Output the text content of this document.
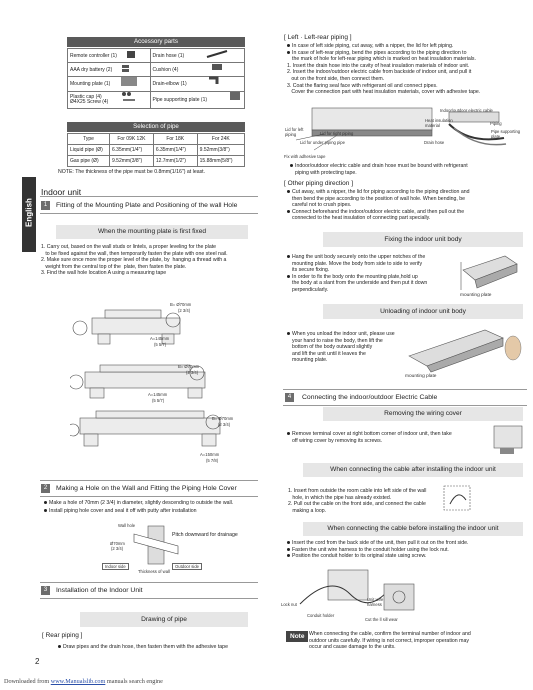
Accessory parts
Remote controller (1)	Drain hose (1)
AAA dry battery (2)	Cushion (4)
Mounting plate (1)	Drain-elbow (1)
Plastic cap (4)
Ø4X25 Screw (4)	Pipe supporting plate (1)
Selection of pipe
Type	For 09K 12K	For 18K	For 24K
Liquid pipe (Ø)	6.35mm(1/4")	6.35mm(1/4")	9.52mm(3/8")
Gas pipe (Ø)	9.52mm(3/8")	12.7mm(1/2")	15.88mm(5/8")
NOTE: The thickness of the pipe must be 0.8mm(1/16") at least.
English
Indoor unit
1	Fitting of the Mounting Plate and Positioning of the wall Hole
When the mounting plate is first fixed
1. Carry out, based on the wall studs or lintels, a proper leveling for the plate
to be fixed against the wall, then temporarily fasten the plate with one steel nail.
2. Make sure once more the proper level of the plate, by  hanging a thread with a
weight from the central top of the  plate, then fasten the plate.
3. Find the wall hole location A using a measuring tape
B= Ø70mm
(2 3/4)
A=145mm
(5 5/7)
B= Ø70mm
(2 3/4)
A=145mm
(5 5/7)
B= Ø70mm
(2 3/4)
A=150mm
(5 7/8)
2	Making a Hole on the Wall and Fitting the Piping Hole Cover
Make a hole of 70mm (2 3/4) in diameter, slightly descending to outside the wall.
Install piping hole cover and seal it off with putty after installation
Wall hole
Ø70mm
(2 3/4)
Pitch downward for drainage
Indoor side
Thickness of wall
Outdoor side
3	Installation of the Indoor Unit
Drawing of pipe
[ Rear piping ]
Draw pipes and the drain hose, then fasten them with the adhesive tape
2
Downloaded from www.Manualslib.com manuals search engine
[ Left · Left-rear piping ]
In case of left side piping, cut away, with a nipper, the lid for left piping.
In case of left-rear piping, bend the pipes according to the piping direction to
the mark of hole for left-rear piping which is marked on heat insulation materials.
1. Insert the drain hose into the cavity of heat insulation materials of indoor unit.
2. Insert the indoor/outdoor electric cable from backside of indoor unit, and pull it
out on the front side, then connect them.
3. Coat the flaring seal face with refrigerant oil and connect pipes.
Cover the connection part with heat insulation materials, cover with adhesive tape.
Indoor/outdoor electric cable
Heat insulation material	Piping
Pipe supporting plate
Drain hose
Lid for left piping	Lid for right piping
Lid for under piping pipe
Fix with adhesive tape
Indoor/outdoor electric cable and drain hose must be bound with refrigerant
piping with protecting tape.
[ Other piping direction ]
Cut away, with a nipper, the lid for piping according to the piping direction and
then bend the pipe according to the position of wall hole. When bending, be
careful not to crush pipes.
Connect beforehand the indoor/outdoor electric cable, and then pull out the
connected to the heat insulation of connecting part specially.
Fixing the indoor unit body
Hang the unit body securely onto the upper notches of the
mounting plate. Move the body from side to side to verify
its secure fixing.
In order to fix the body onto the mounting plate,hold up
the body at a slant from the underside and then put it down
perpendicularly.
mounting plate
Unloading of indoor unit body
When you unload the indoor unit, please use
your hand to raise the body, then lift the
bottom of the body outward slightly
and lift the unit until it leaves the
mounting plate.
mounting plate
4	Connecting the indoor/outdoor Electric Cable
Removing the wiring cover
Remove terminal cover at right bottom corner of indoor unit, then take
off wiring cover by removing its screws.
When connecting the cable after installing the indoor unit
1. Insert from outside the room cable into left side of the wall
hole, in which the pipe has already existed.
2. Pull out the cable on the front side, and connect the cable
making a loop.
When connecting the cable before installing the indoor unit
Insert the cord from the back side of the unit, then pull it out on the front side.
Fasten the unit wire harness to the conduit holder using the lock nut.
Position the conduit holder to its original state using screw.
Lock nut
Unit wire harness
Conduit holder
Cut the ll sill wear
Note When connecting the cable, confirm the terminal number of indoor and
outdoor units carefully. If wiring is not correct, improper operation may
occur and cause damage to the units.
